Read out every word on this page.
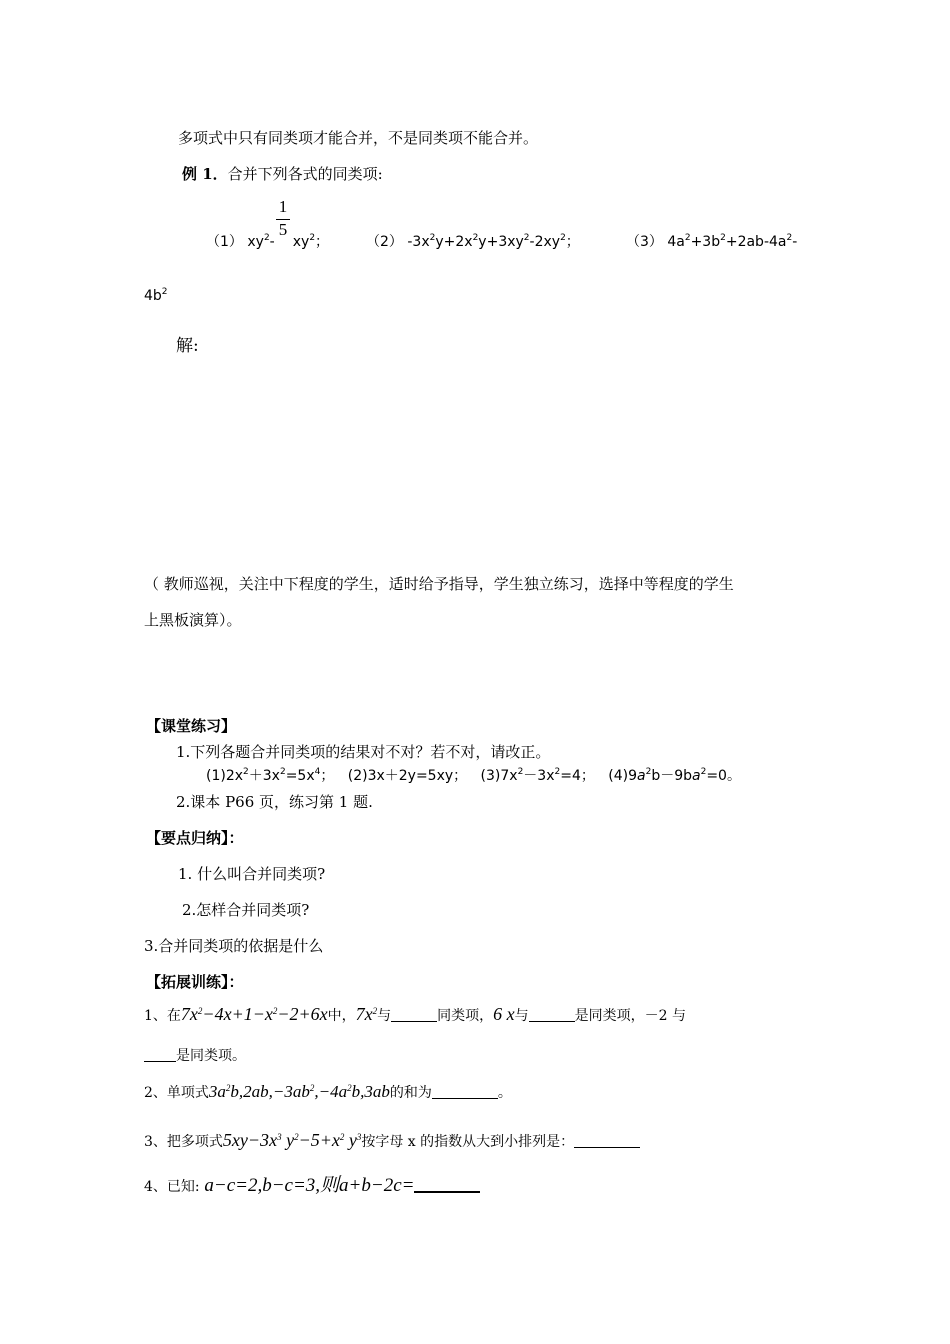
多项式中只有同类项才能合并，不是同类项不能合并。
例 1．合并下列各式的同类项:
1
5
（1） $xy^2-$ $xy^2$；	（2） $-3x^2y+2x^2y+3xy^2-2xy^2$；	（3） $4a^2+3b^2+2ab-4a^2-$
$4b^2$
解:
（ 教师巡视，关注中下程度的学生，适时给予指导，学生独立练习，选择中等程度的学生
上黑板演算）。
【课堂练习】
1.下列各题合并同类项的结果对不对？若不对，请改正。
$(1)2x^2+3x^2=5x^4$； (2)3x＋2y=5xy； $(3)7x^2-3x^2=4$； $(4)9a^2b-9ba^2=0$。
2.课本 P66 页，练习第 1 题.
【要点归纳】：
1. 什么叫合并同类项?
2.怎样合并同类项?
3.合并同类项的依据是什么
【拓展训练】：
1、在$7x^2-4x+1-x^2-2+6x$中，$7x^2$与	同类项，6 x与	是同类项，－2 与
是同类项。
2、单项式$3a^2b,2ab,-3ab^2,-4a^2b,3ab$的和为	。
3、把多项式$5xy-3x^3$ $y^2-5+x^2$ $y^3$按字母 x 的指数从大到小排列是：
4、已知: a−c=2,b−c=3,则a+b−2c=
